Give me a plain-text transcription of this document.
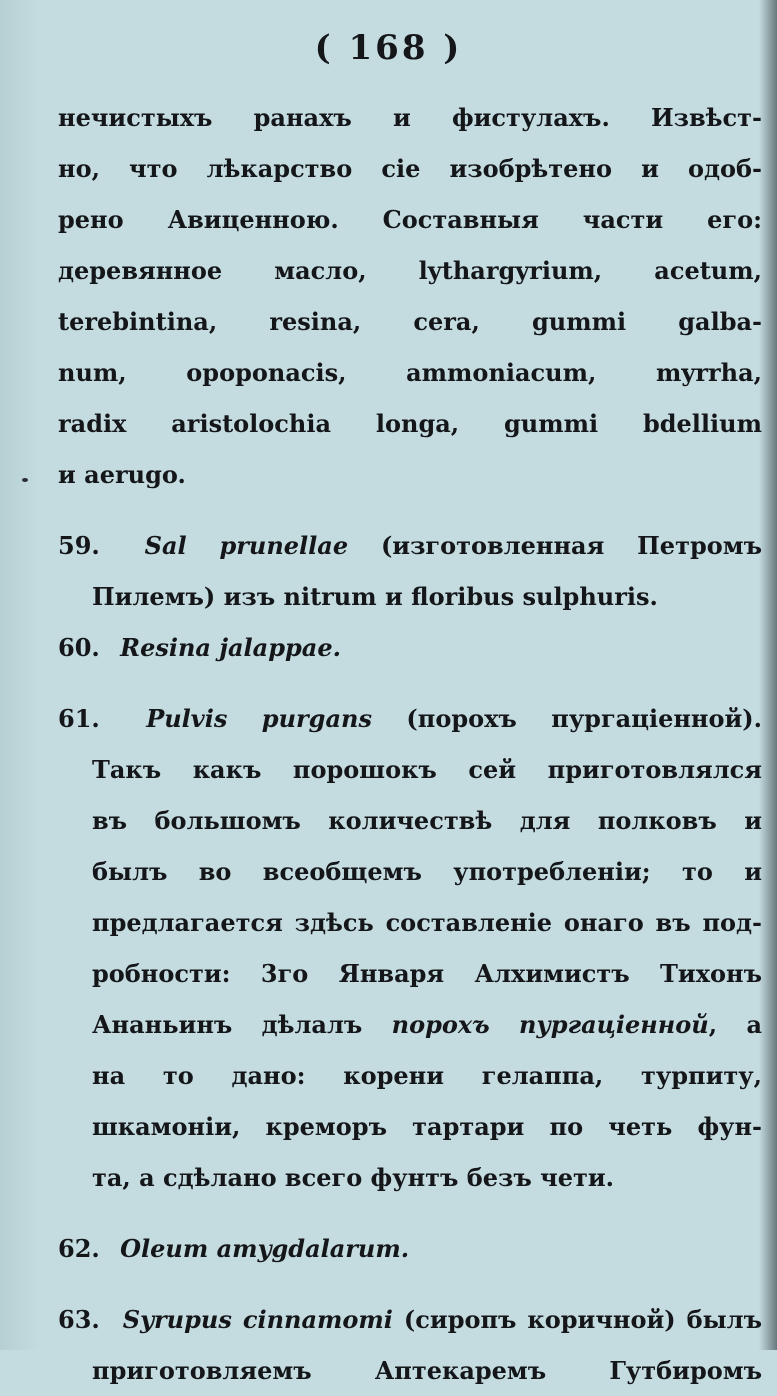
( 168 )
нечистыхъ ранахъ и фистулахъ. Извѣст-
но, что лѣкарство сіе изобрѣтено и одоб-
рено Авиценною. Составныя части его:
деревянное масло, lythargyrium, acetum,
terebintina, resina, cera, gummi galba-
num, opoponacis, ammoniacum, myrrha,
radix aristolochia longa, gummi bdellium
и aerugo.
59. Sal prunellae (изготовленная Петромъ
Пилемъ) изъ nitrum и floribus sulphuris.
60. Resina jalappae.
61. Pulvis purgans (порохъ пургаціенной).
Такъ какъ порошокъ сей приготовлялся
въ большомъ количествѣ для полковъ и
былъ во всеобщемъ употребленіи; то и
предлагается здѣсь составленіе онаго въ под-
робности: 3го Января Алхимистъ Тихонъ
Ананьинъ дѣлалъ порохъ пургаціенной, а
на то дано: корени гелаппа, турпиту,
шкамоніи, креморъ тартари по четь фун-
та, а сдѣлано всего фунтъ безъ чети.
62. Oleum amygdalarum.
63. Syrupus cinnamomi (сиропъ коричной) былъ
приготовляемъ Аптекаремъ Гутбиромъ
